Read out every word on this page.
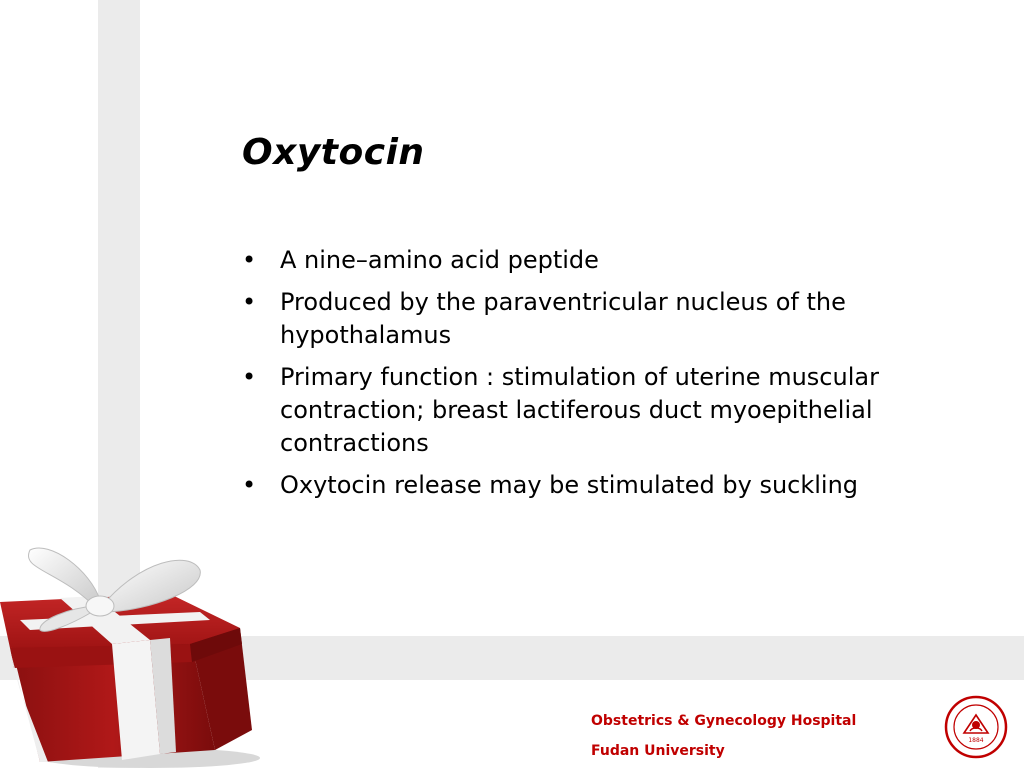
Oxytocin
• A nine–amino acid peptide
• Produced by the paraventricular nucleus of the hypothalamus
• Primary function : stimulation of uterine muscular contraction; breast lactiferous duct myoepithelial contractions
• Oxytocin release may be stimulated by suckling
Obstetrics & Gynecology Hospital
Fudan University
1884
